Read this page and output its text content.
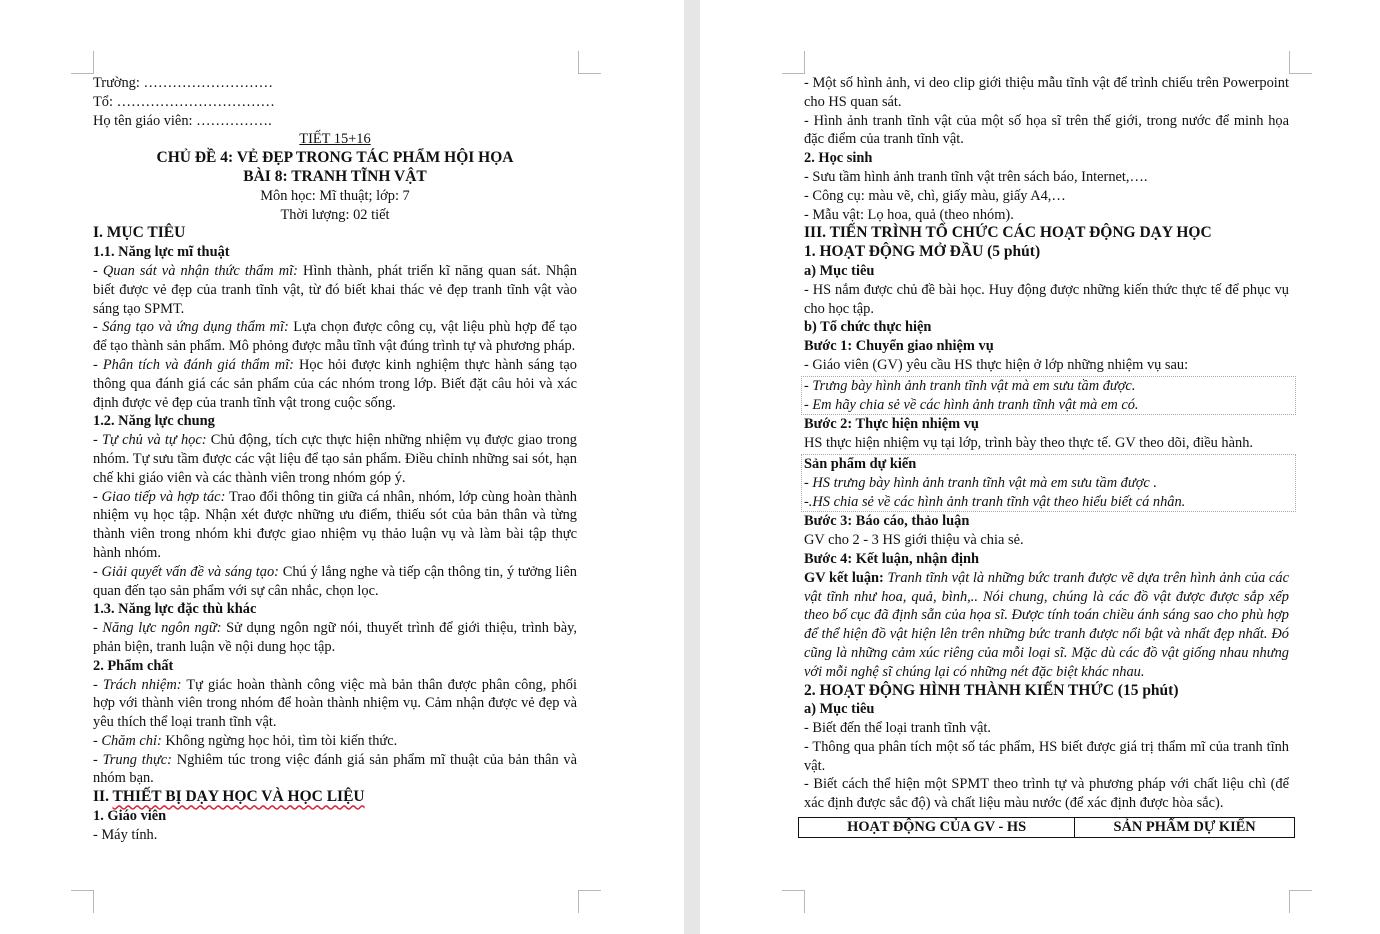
Trường: ………………………

Tổ: ……………………………

Họ tên giáo viên: …………….

TIẾT 15+16

CHỦ ĐỀ 4: VẺ ĐẸP TRONG TÁC PHẨM HỘI HỌA

BÀI 8: TRANH TĨNH VẬT

Môn học: Mĩ thuật; lớp: 7

Thời lượng: 02 tiết

I. MỤC TIÊU

1.1. Năng lực mĩ thuật

- Quan sát và nhận thức thẩm mĩ: Hình thành, phát triển kĩ năng quan sát. Nhận biết được vẻ đẹp của tranh tĩnh vật, từ đó biết khai thác vẻ đẹp tranh tĩnh vật vào sáng tạo SPMT.

- Sáng tạo và ứng dụng thẩm mĩ: Lựa chọn được công cụ, vật liệu phù hợp để tạo để tạo thành sản phẩm. Mô phỏng được mẫu tĩnh vật đúng trình tự và phương pháp.

- Phân tích và đánh giá thẩm mĩ: Học hỏi được kinh nghiệm thực hành sáng tạo thông qua đánh giá các sản phẩm của các nhóm trong lớp. Biết đặt câu hỏi và xác định được vẻ đẹp của tranh tĩnh vật trong cuộc sống.

1.2. Năng lực chung

- Tự chủ và tự học: Chủ động, tích cực thực hiện những nhiệm vụ được giao trong nhóm. Tự sưu tầm được các vật liệu để tạo sản phẩm. Điều chỉnh những sai sót, hạn chế khi giáo viên và các thành viên trong nhóm góp ý.

- Giao tiếp và hợp tác: Trao đổi thông tin giữa cá nhân, nhóm, lớp cùng hoàn thành nhiệm vụ học tập. Nhận xét được những ưu điểm, thiếu sót của bản thân và từng thành viên trong nhóm khi được giao nhiệm vụ thảo luận vụ và làm bài tập thực hành nhóm.

- Giải quyết vấn đề và sáng tạo: Chú ý lắng nghe và tiếp cận thông tin, ý tưởng liên quan đến tạo sản phẩm với sự cân nhắc, chọn lọc.

1.3. Năng lực đặc thù khác

- Năng lực ngôn ngữ: Sử dụng ngôn ngữ nói, thuyết trình để giới thiệu, trình bày, phản biện, tranh luận về nội dung học tập.

2. Phẩm chất

- Trách nhiệm: Tự giác hoàn thành công việc mà bản thân được phân công, phối hợp với thành viên trong nhóm để hoàn thành nhiệm vụ. Cảm nhận được vẻ đẹp và yêu thích thể loại tranh tĩnh vật.

- Chăm chỉ: Không ngừng học hỏi, tìm tòi kiến thức.

- Trung thực: Nghiêm túc trong việc đánh giá sản phẩm mĩ thuật của bản thân và nhóm bạn.

II. THIẾT BỊ DẠY HỌC VÀ HỌC LIỆU

1. Giáo viên

- Máy tính.

- Một số hình ảnh, vi deo clip giới thiệu mẫu tĩnh vật để trình chiếu trên Powerpoint cho HS quan sát.

- Hình ảnh tranh tĩnh vật của một số họa sĩ trên thế giới, trong nước để minh họa đặc điểm của tranh tĩnh vật.

2. Học sinh

- Sưu tầm hình ảnh tranh tĩnh vật trên sách báo, Internet,….

- Công cụ: màu vẽ, chì, giấy màu, giấy A4,…

- Mẫu vật: Lọ hoa, quả (theo nhóm).

III. TIẾN TRÌNH TỔ CHỨC CÁC HOẠT ĐỘNG DẠY HỌC

1. HOẠT ĐỘNG MỞ ĐẦU (5 phút)

a) Mục tiêu

- HS nắm được chủ đề bài học. Huy động được những kiến thức thực tế để phục vụ cho học tập.

b) Tổ chức thực hiện

Bước 1: Chuyển giao nhiệm vụ

- Giáo viên (GV) yêu cầu HS thực hiện ở lớp những nhiệm vụ sau:

- Trưng bày hình ảnh tranh tĩnh vật mà em sưu tầm được.

- Em hãy chia sẻ về các hình ảnh tranh tĩnh vật mà em có.

Bước 2: Thực hiện nhiệm vụ

HS thực hiện nhiệm vụ tại lớp, trình bày theo thực tế. GV theo dõi, điều hành.

Sản phẩm dự kiến

- HS trưng bày hình ảnh tranh tĩnh vật mà em sưu tầm được .

-.HS chia sẻ về các hình ảnh tranh tĩnh vật theo hiểu biết cá nhân.

Bước 3: Báo cáo, thảo luận

GV cho 2 - 3 HS giới thiệu và chia sẻ.

Bước 4: Kết luận, nhận định

GV kết luận: Tranh tĩnh vật là những bức tranh được vẽ dựa trên hình ảnh của các vật tĩnh như hoa, quả, bình,.. Nói chung, chúng là các đồ vật được được sắp xếp theo bố cục đã định sẵn của họa sĩ. Được tính toán chiều ánh sáng sao cho phù hợp để thể hiện đồ vật hiện lên trên những bức tranh được nổi bật và nhất đẹp nhất. Đó cũng là những cảm xúc riêng của mỗi loại sĩ. Mặc dù các đồ vật giống nhau nhưng với mỗi nghệ sĩ chúng lại có những nét đặc biệt khác nhau.

2. HOẠT ĐỘNG HÌNH THÀNH KIẾN THỨC (15 phút)

a) Mục tiêu

- Biết đến thể loại tranh tĩnh vật.

- Thông qua phân tích một số tác phẩm, HS biết được giá trị thẩm mĩ của tranh tĩnh vật.

- Biết cách thể hiện một SPMT theo trình tự và phương pháp với chất liệu chì (để xác định được sắc độ) và chất liệu màu nước (để xác định được hòa sắc).

HOẠT ĐỘNG CỦA GV - HS	SẢN PHẨM DỰ KIẾN
